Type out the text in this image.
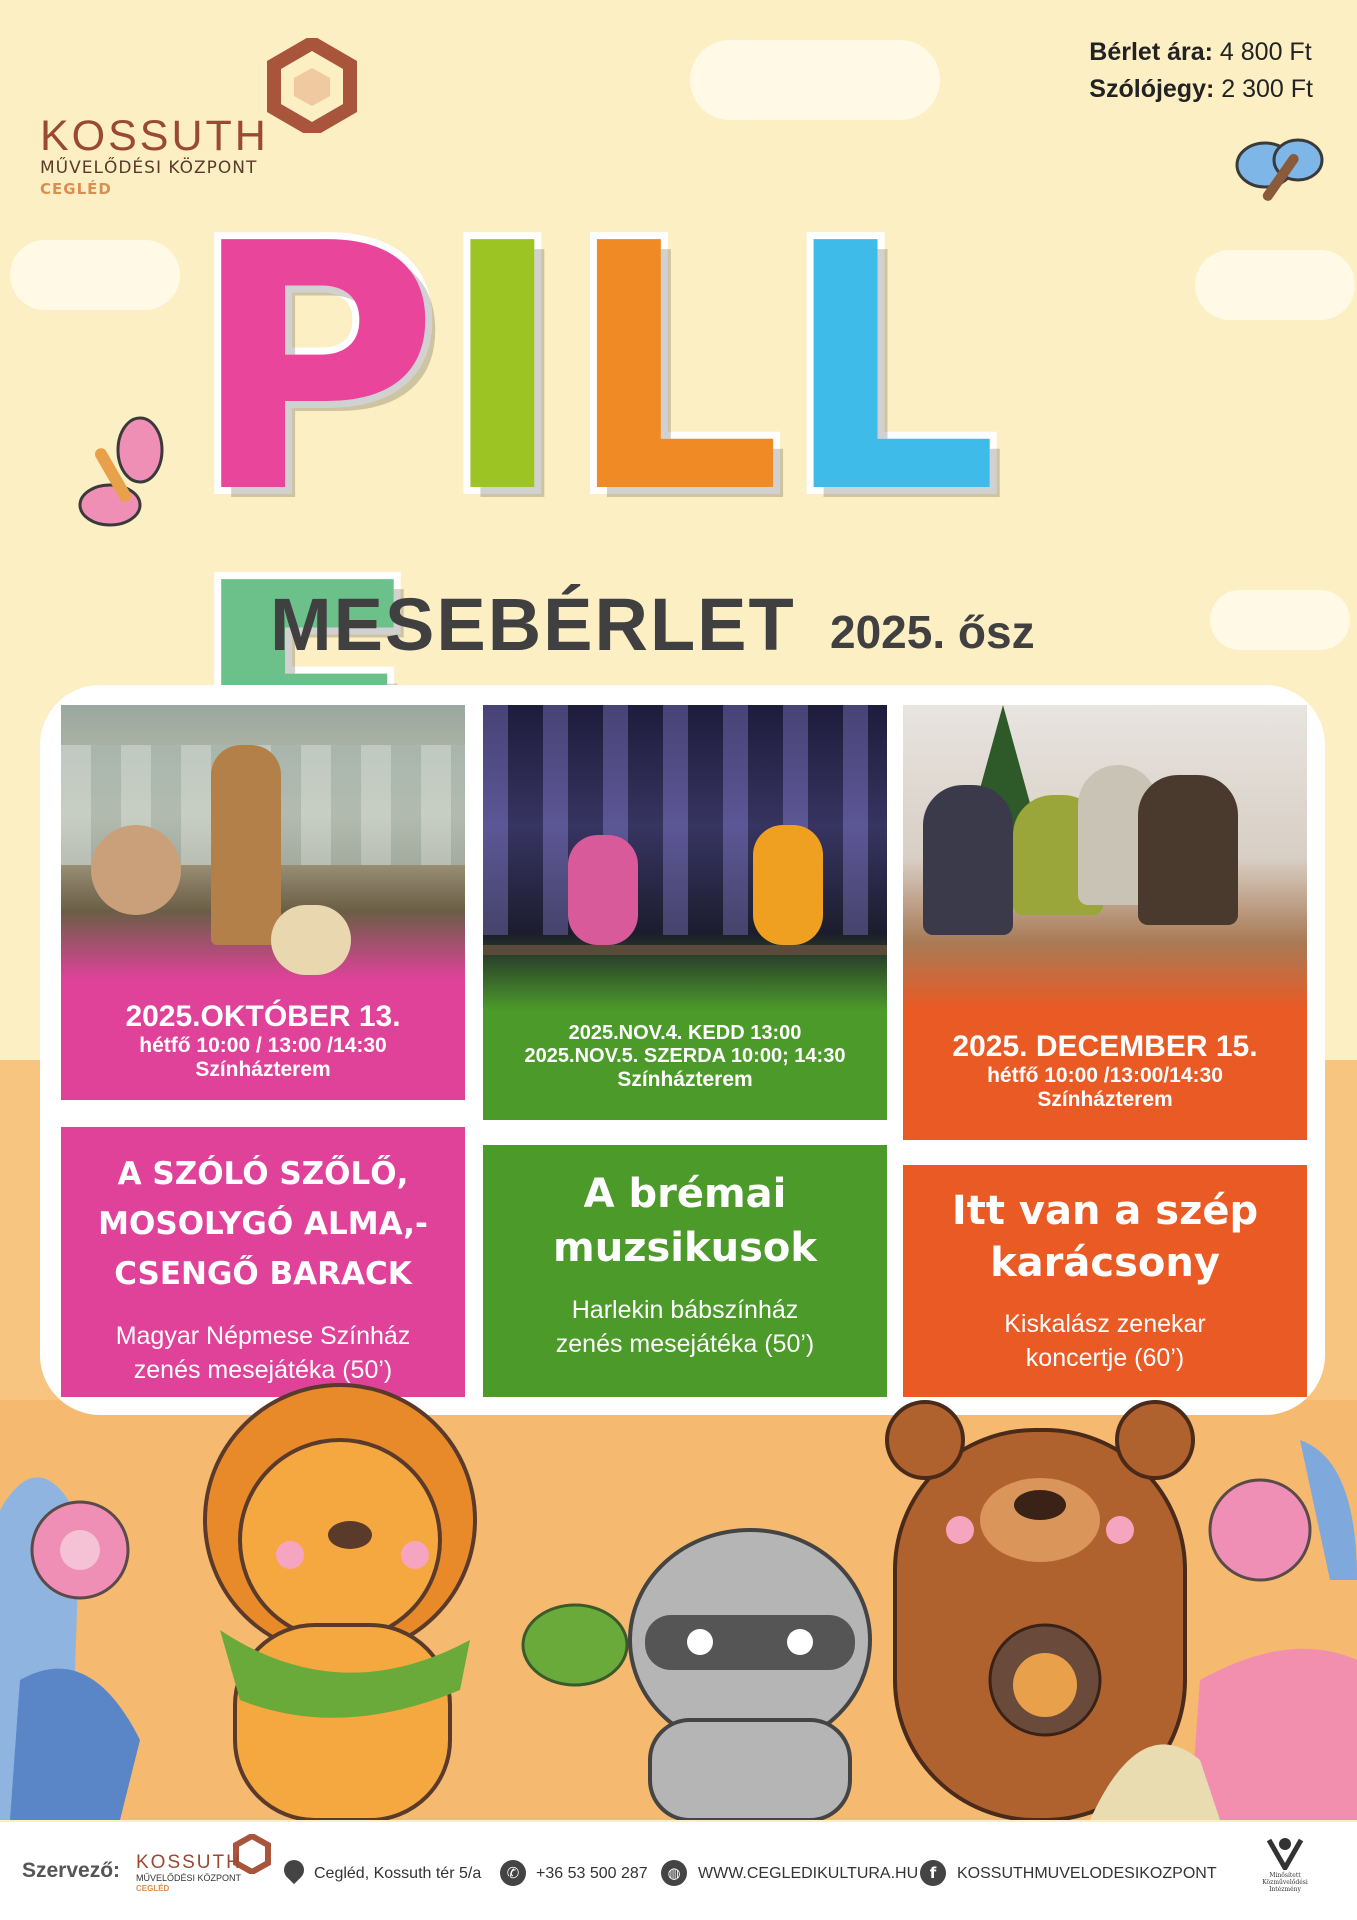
Bérlet ára: 4 800 Ft
Szólójegy: 2 300 Ft
KOSSUTH
MŰVELŐDÉSI KÖZPONT
CEGLÉD PILL
MESEBÉRLET 2025. ősz
2025.OKTÓBER 13.
hétfő 10:00 / 13:00 /14:30
Színházterem
A SZÓLÓ SZŐLŐ,
MOSOLYGÓ ALMA,-
CSENGŐ BARACK
Magyar Népmese Színház
zenés mesejátéka (50’)
2025.NOV.4. KEDD 13:00
2025.NOV.5. SZERDA 10:00; 14:30
Színházterem
A brémai
muzsikusok
Harlekin bábszínház
zenés mesejátéka (50’)
2025. DECEMBER 15.
hétfő 10:00 /13:00/14:30
Színházterem
Itt van a szép
karácsony
Kiskalász zenekar
koncertje (60’)
Szervező: KOSSUTH
MŰVELŐDÉSI KÖZPONT
CEGLÉD
Cegléd, Kossuth tér 5/a	✆	+36 53 500 287	◍	WWW.CEGLEDIKULTURA.HU f	KOSSUTHMUVELODESIKOZPONT	Minősített
Közművelődési
Intézmény
